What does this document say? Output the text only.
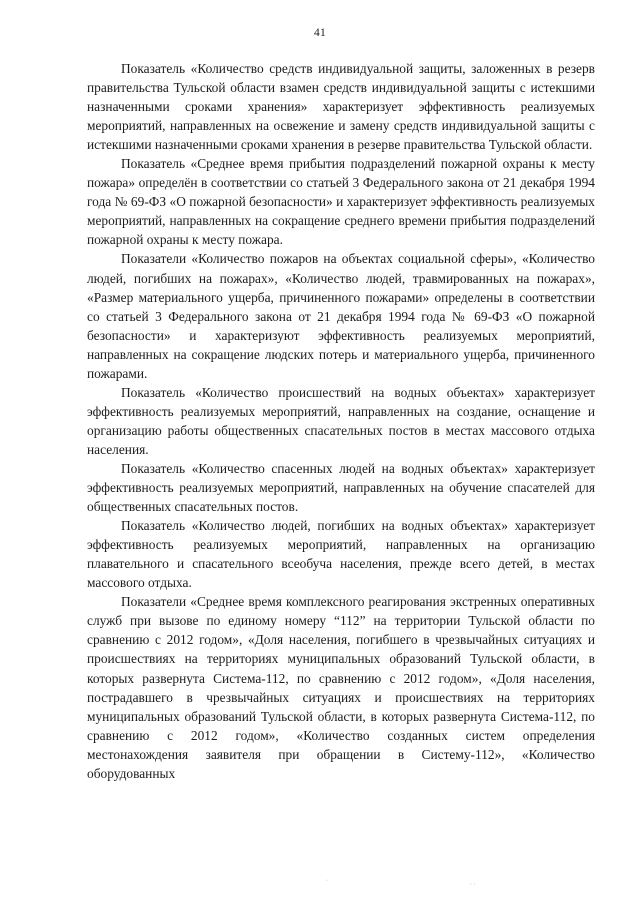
41

Показатель «Количество средств индивидуальной защиты, заложенных в резерв правительства Тульской области взамен средств индивидуальной защиты с истекшими назначенными сроками хранения» характеризует эффективность реализуемых мероприятий, направленных на освежение и замену средств индивидуальной защиты с истекшими назначенными сроками хранения в резерве правительства Тульской области.

Показатель «Среднее время прибытия подразделений пожарной охраны к месту пожара» определён в соответствии со статьей 3 Федерального закона от 21 декабря 1994 года № 69-ФЗ «О пожарной безопасности» и характеризует эффективность реализуемых мероприятий, направленных на сокращение среднего времени прибытия подразделений пожарной охраны к месту пожара.

Показатели «Количество пожаров на объектах социальной сферы», «Количество людей, погибших на пожарах», «Количество людей, травмированных на пожарах», «Размер материального ущерба, причиненного пожарами» определены в соответствии со статьей 3 Федерального закона от 21 декабря 1994 года № 69-ФЗ «О пожарной безопасности» и характеризуют эффективность реализуемых мероприятий, направленных на сокращение людских потерь и материального ущерба, причиненного пожарами.

Показатель «Количество происшествий на водных объектах» характеризует эффективность реализуемых мероприятий, направленных на создание, оснащение и организацию работы общественных спасательных постов в местах массового отдыха населения.

Показатель «Количество спасенных людей на водных объектах» характеризует эффективность реализуемых мероприятий, направленных на обучение спасателей для общественных спасательных постов.

Показатель «Количество людей, погибших на водных объектах» характеризует эффективность реализуемых мероприятий, направленных на организацию плавательного и спасательного всеобуча населения, прежде всего детей, в местах массового отдыха.

Показатели «Среднее время комплексного реагирования экстренных оперативных служб при вызове по единому номеру “112” на территории Тульской области по сравнению с 2012 годом», «Доля населения, погибшего в чрезвычайных ситуациях и происшествиях на территориях муниципальных образований Тульской области, в которых развернута Система-112, по сравнению с 2012 годом», «Доля населения, пострадавшего в чрезвычайных ситуациях и происшествиях на территориях муниципальных образований Тульской области, в которых развернута Система-112, по сравнению с 2012 годом», «Количество созданных систем определения местонахождения заявителя при обращении в Систему-112», «Количество оборудованных

·
· ·
